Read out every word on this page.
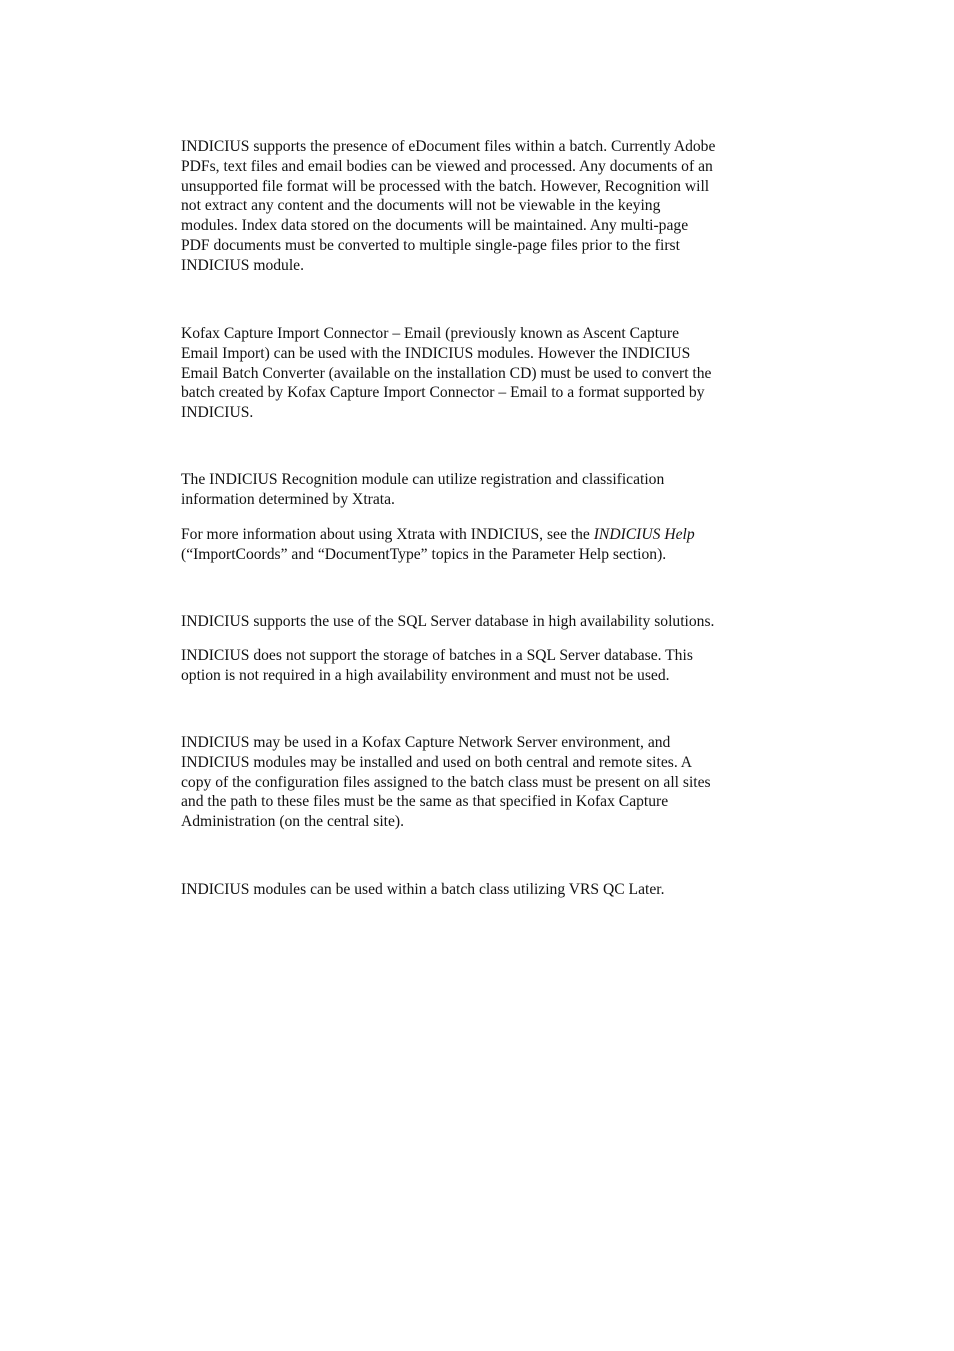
INDICIUS supports the presence of eDocument files within a batch. Currently Adobe
PDFs, text files and email bodies can be viewed and processed. Any documents of an
unsupported file format will be processed with the batch. However, Recognition will
not extract any content and the documents will not be viewable in the keying
modules. Index data stored on the documents will be maintained. Any multi-page
PDF documents must be converted to multiple single-page files prior to the first
INDICIUS module.

Kofax Capture Import Connector – Email (previously known as Ascent Capture
Email Import) can be used with the INDICIUS modules. However the INDICIUS
Email Batch Converter (available on the installation CD) must be used to convert the
batch created by Kofax Capture Import Connector – Email to a format supported by
INDICIUS.

The INDICIUS Recognition module can utilize registration and classification
information determined by Xtrata.

For more information about using Xtrata with INDICIUS, see the INDICIUS Help
(“ImportCoords” and “DocumentType” topics in the Parameter Help section).

INDICIUS supports the use of the SQL Server database in high availability solutions.

INDICIUS does not support the storage of batches in a SQL Server database. This
option is not required in a high availability environment and must not be used.

INDICIUS may be used in a Kofax Capture Network Server environment, and
INDICIUS modules may be installed and used on both central and remote sites. A
copy of the configuration files assigned to the batch class must be present on all sites
and the path to these files must be the same as that specified in Kofax Capture
Administration (on the central site).

INDICIUS modules can be used within a batch class utilizing VRS QC Later.
